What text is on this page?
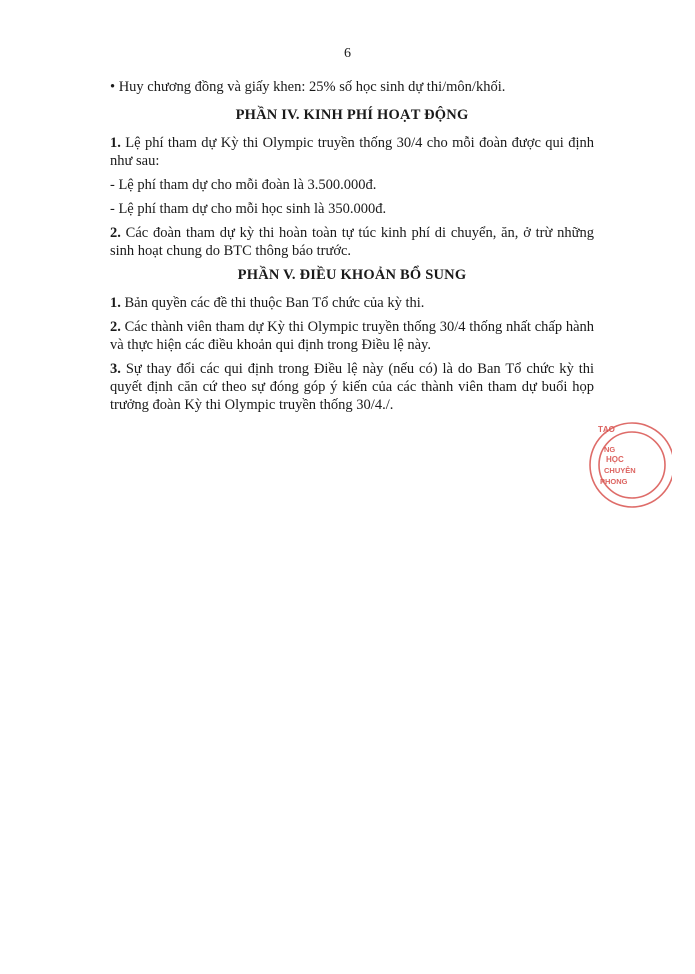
6

• Huy chương đồng và giấy khen: 25% số học sinh dự thi/môn/khối.

PHẦN IV. KINH PHÍ HOẠT ĐỘNG

1. Lệ phí tham dự Kỳ thi Olympic truyền thống 30/4 cho mỗi đoàn được qui định như sau:

- Lệ phí tham dự cho mỗi đoàn là 3.500.000đ.

- Lệ phí tham dự cho mỗi học sinh là 350.000đ.

2. Các đoàn tham dự kỳ thi hoàn toàn tự túc kinh phí di chuyển, ăn, ở trừ những sinh hoạt chung do BTC thông báo trước.

PHẦN V. ĐIỀU KHOẢN BỔ SUNG

1. Bản quyền các đề thi thuộc Ban Tổ chức của kỳ thi.

2. Các thành viên tham dự Kỳ thi Olympic truyền thống 30/4 thống nhất chấp hành và thực hiện các điều khoản qui định trong Điều lệ này.

3. Sự thay đổi các qui định trong Điều lệ này (nếu có) là do Ban Tổ chức kỳ thi quyết định căn cứ theo sự đóng góp ý kiến của các thành viên tham dự buổi họp trưởng đoàn Kỳ thi Olympic truyền thống 30/4./.

TẠO
NG
HỌC
CHUYÊN
PHONG
